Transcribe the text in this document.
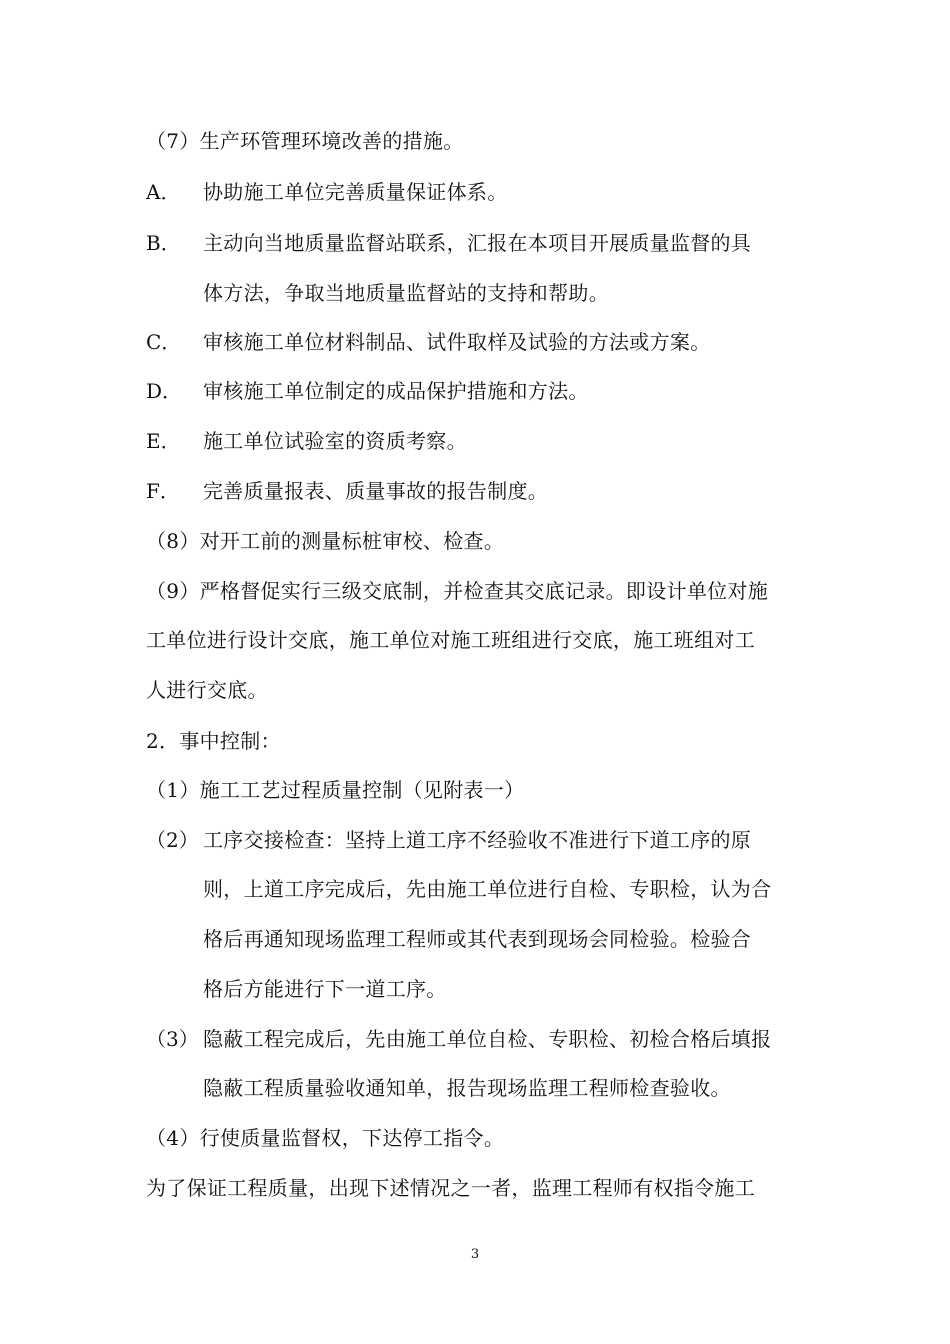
（7）生产环管理环境改善的措施。
A． 协助施工单位完善质量保证体系。
B． 主动向当地质量监督站联系，汇报在本项目开展质量监督的具
体方法，争取当地质量监督站的支持和帮助。
C． 审核施工单位材料制品、试件取样及试验的方法或方案。
D． 审核施工单位制定的成品保护措施和方法。
E． 施工单位试验室的资质考察。
F． 完善质量报表、质量事故的报告制度。
（8）对开工前的测量标桩审校、检查。
（9）严格督促实行三级交底制，并检查其交底记录。即设计单位对施
工单位进行设计交底，施工单位对施工班组进行交底，施工班组对工
人进行交底。
2．事中控制：
（1）施工工艺过程质量控制（见附表一）
（2） 工序交接检查：坚持上道工序不经验收不准进行下道工序的原
则，上道工序完成后，先由施工单位进行自检、专职检，认为合
格后再通知现场监理工程师或其代表到现场会同检验。检验合
格后方能进行下一道工序。
（3） 隐蔽工程完成后，先由施工单位自检、专职检、初检合格后填报
隐蔽工程质量验收通知单，报告现场监理工程师检查验收。
（4）行使质量监督权，下达停工指令。
为了保证工程质量，出现下述情况之一者，监理工程师有权指令施工
3
